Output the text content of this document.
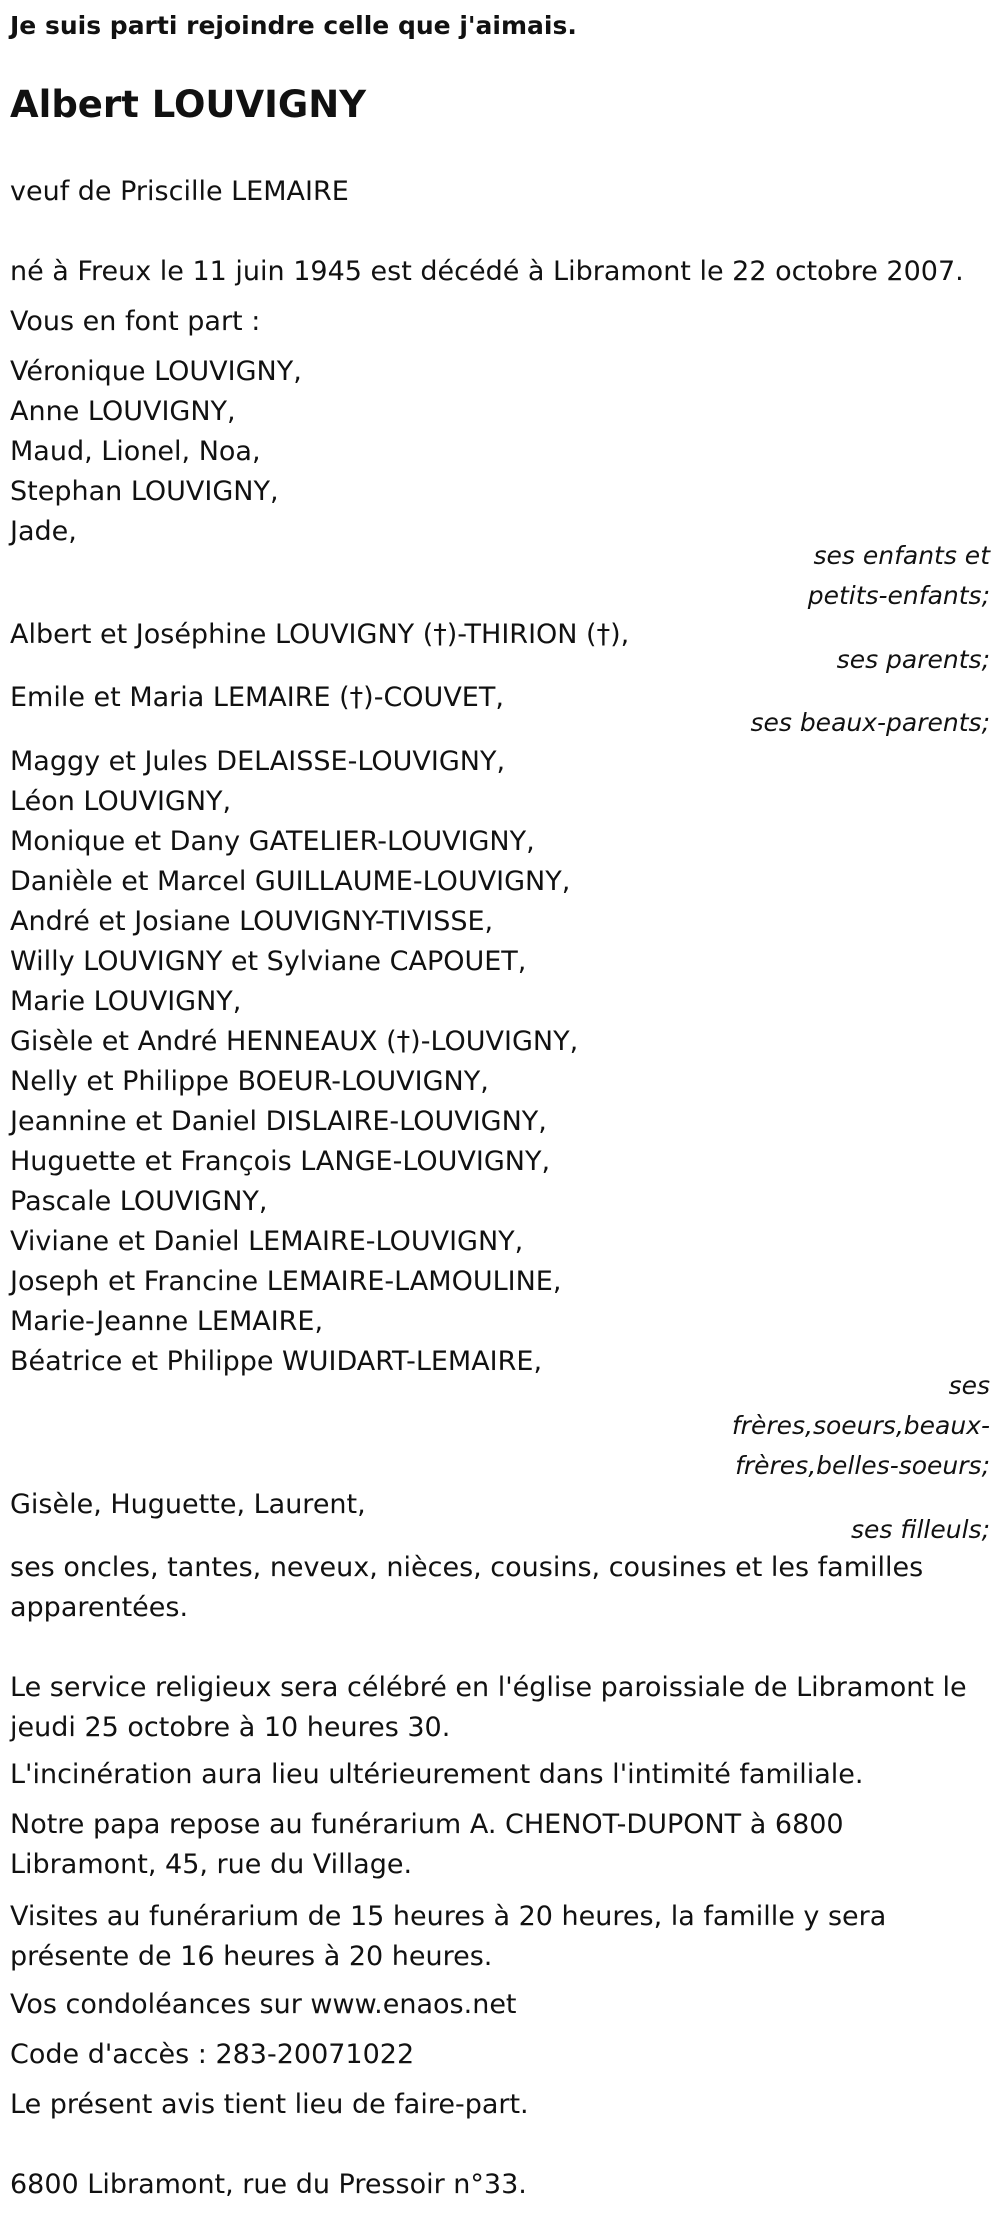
Je suis parti rejoindre celle que j'aimais.
Albert LOUVIGNY
veuf de Priscille LEMAIRE
né à Freux le 11 juin 1945 est décédé à Libramont le 22 octobre 2007.
Vous en font part :
Véronique LOUVIGNY,
Anne LOUVIGNY,
Maud, Lionel, Noa,
Stephan LOUVIGNY,
Jade,
ses enfants et
petits-enfants;
Albert et Joséphine LOUVIGNY (†)-THIRION (†),
ses parents;
Emile et Maria LEMAIRE (†)-COUVET,
ses beaux-parents;
Maggy et Jules DELAISSE-LOUVIGNY,
Léon LOUVIGNY,
Monique et Dany GATELIER-LOUVIGNY,
Danièle et Marcel GUILLAUME-LOUVIGNY,
André et Josiane LOUVIGNY-TIVISSE,
Willy LOUVIGNY et Sylviane CAPOUET,
Marie LOUVIGNY,
Gisèle et André HENNEAUX (†)-LOUVIGNY,
Nelly et Philippe BOEUR-LOUVIGNY,
Jeannine et Daniel DISLAIRE-LOUVIGNY,
Huguette et François LANGE-LOUVIGNY,
Pascale LOUVIGNY,
Viviane et Daniel LEMAIRE-LOUVIGNY,
Joseph et Francine LEMAIRE-LAMOULINE,
Marie-Jeanne LEMAIRE,
Béatrice et Philippe WUIDART-LEMAIRE,
ses
frères,soeurs,beaux-
frères,belles-soeurs;
Gisèle, Huguette, Laurent,
ses filleuls;
ses oncles, tantes, neveux, nièces, cousins, cousines et les familles apparentées.
Le service religieux sera célébré en l'église paroissiale de Libramont le jeudi 25 octobre à 10 heures 30.
L'incinération aura lieu ultérieurement dans l'intimité familiale.
Notre papa repose au funérarium A. CHENOT-DUPONT à 6800 Libramont, 45, rue du Village.
Visites au funérarium de 15 heures à 20 heures, la famille y sera présente de 16 heures à 20 heures.
Vos condoléances sur www.enaos.net
Code d'accès : 283-20071022
Le présent avis tient lieu de faire-part.
6800 Libramont, rue du Pressoir n°33.
